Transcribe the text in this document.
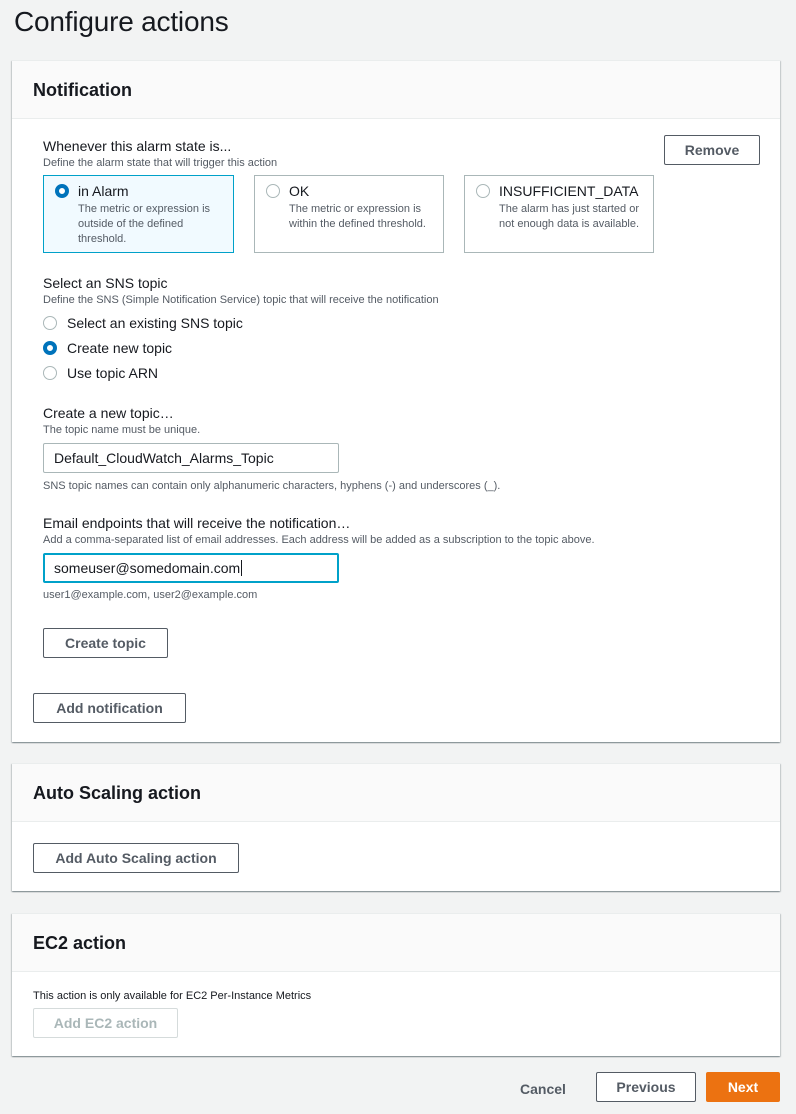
Configure actions
Notification
Whenever this alarm state is...
Define the alarm state that will trigger this action
Remove
in Alarm
The metric or expression is outside of the defined threshold.
OK
The metric or expression is within the defined threshold.
INSUFFICIENT_DATA
The alarm has just started or not enough data is available.
Select an SNS topic
Define the SNS (Simple Notification Service) topic that will receive the notification
Select an existing SNS topic
Create new topic
Use topic ARN
Create a new topic…
The topic name must be unique.
Default_CloudWatch_Alarms_Topic
SNS topic names can contain only alphanumeric characters, hyphens (-) and underscores (_).
Email endpoints that will receive the notification…
Add a comma-separated list of email addresses. Each address will be added as a subscription to the topic above.
someuser@somedomain.com
user1@example.com, user2@example.com
Create topic
Add notification
Auto Scaling action
Add Auto Scaling action
EC2 action
This action is only available for EC2 Per-Instance Metrics
Add EC2 action
Cancel	Previous	Next
